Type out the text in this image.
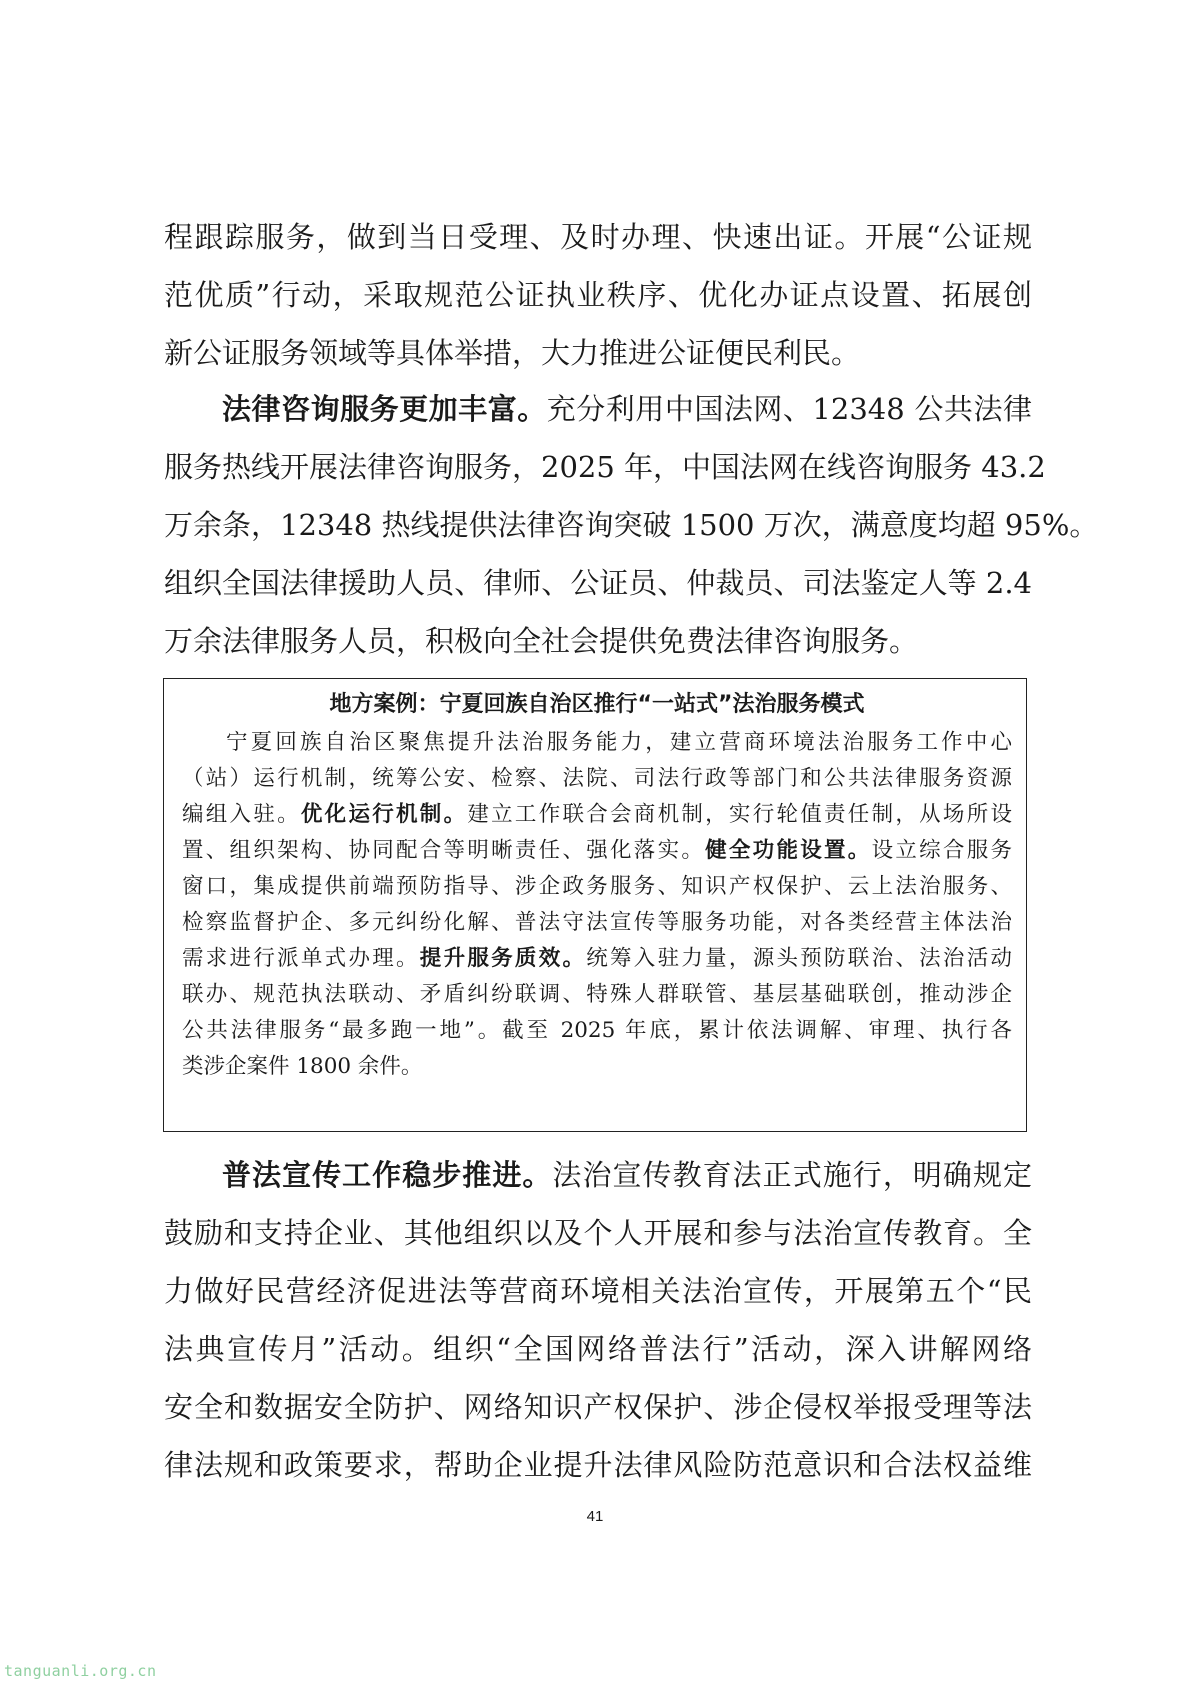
程跟踪服务，做到当日受理、及时办理、快速出证。开展“公证规
范优质”行动，采取规范公证执业秩序、优化办证点设置、拓展创
新公证服务领域等具体举措，大力推进公证便民利民。
法律咨询服务更加丰富。充分利用中国法网、12348 公共法律
服务热线开展法律咨询服务，2025 年，中国法网在线咨询服务 43.2
万余条，12348 热线提供法律咨询突破 1500 万次，满意度均超 95%。
组织全国法律援助人员、律师、公证员、仲裁员、司法鉴定人等 2.4
万余法律服务人员，积极向全社会提供免费法律咨询服务。

地方案例：宁夏回族自治区推行“一站式”法治服务模式

宁夏回族自治区聚焦提升法治服务能力，建立营商环境法治服务工作中心
（站）运行机制，统筹公安、检察、法院、司法行政等部门和公共法律服务资源
编组入驻。优化运行机制。建立工作联合会商机制，实行轮值责任制，从场所设
置、组织架构、协同配合等明晰责任、强化落实。健全功能设置。设立综合服务
窗口，集成提供前端预防指导、涉企政务服务、知识产权保护、云上法治服务、
检察监督护企、多元纠纷化解、普法守法宣传等服务功能，对各类经营主体法治
需求进行派单式办理。提升服务质效。统筹入驻力量，源头预防联治、法治活动
联办、规范执法联动、矛盾纠纷联调、特殊人群联管、基层基础联创，推动涉企
公共法律服务“最多跑一地”。截至 2025 年底，累计依法调解、审理、执行各
类涉企案件 1800 余件。
普法宣传工作稳步推进。法治宣传教育法正式施行，明确规定
鼓励和支持企业、其他组织以及个人开展和参与法治宣传教育。全
力做好民营经济促进法等营商环境相关法治宣传，开展第五个“民
法典宣传月”活动。组织“全国网络普法行”活动，深入讲解网络
安全和数据安全防护、网络知识产权保护、涉企侵权举报受理等法
律法规和政策要求，帮助企业提升法律风险防范意识和合法权益维
41
tanguanli.org.cn
